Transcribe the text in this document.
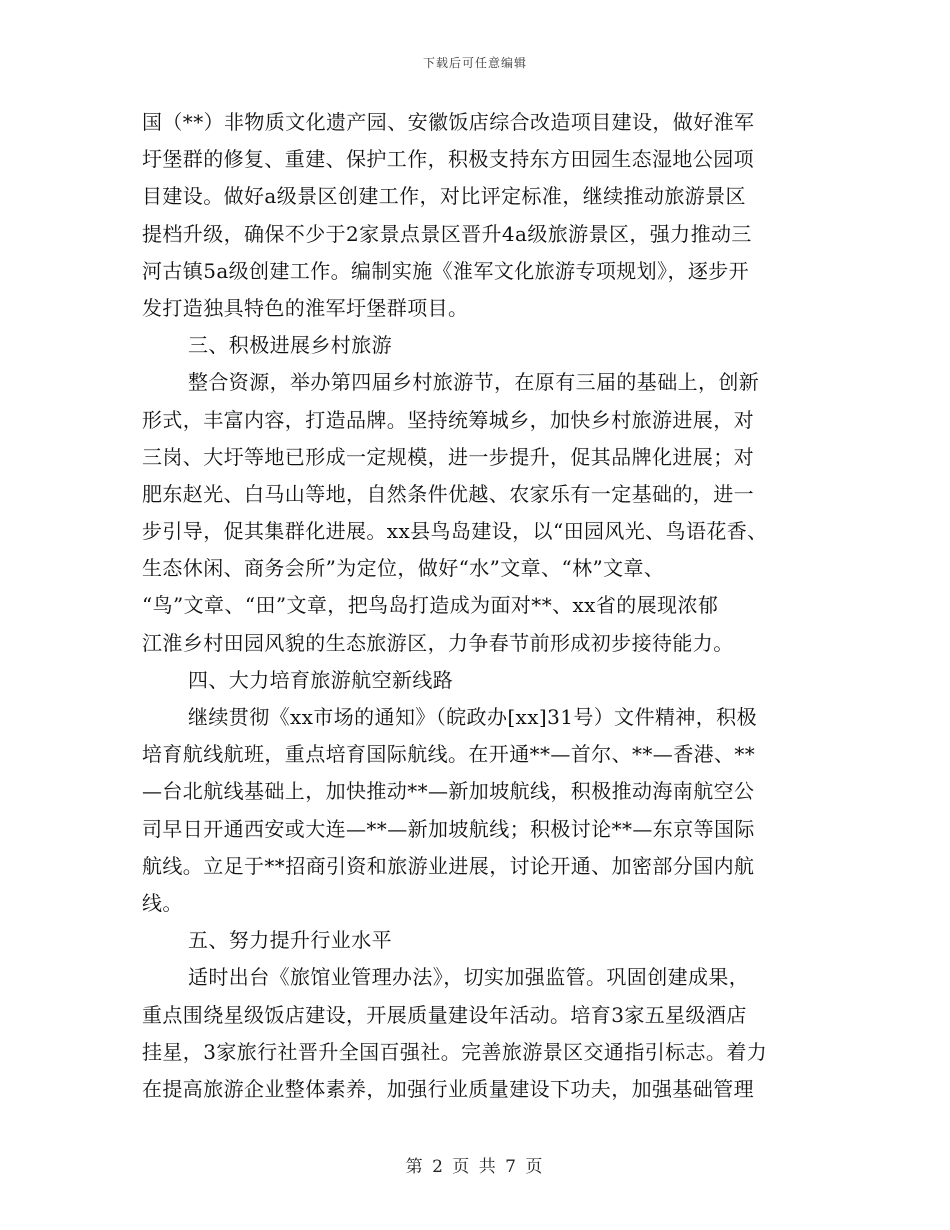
下载后可任意编辑
国（**）非物质文化遗产园、安徽饭店综合改造项目建设，做好淮军
圩堡群的修复、重建、保护工作，积极支持东方田园生态湿地公园项
目建设。做好a级景区创建工作，对比评定标准，继续推动旅游景区
提档升级，确保不少于2家景点景区晋升4a级旅游景区，强力推动三
河古镇5a级创建工作。编制实施《淮军文化旅游专项规划》，逐步开
发打造独具特色的淮军圩堡群项目。
三、积极进展乡村旅游
整合资源，举办第四届乡村旅游节，在原有三届的基础上，创新
形式，丰富内容，打造品牌。坚持统筹城乡，加快乡村旅游进展，对
三岗、大圩等地已形成一定规模，进一步提升，促其品牌化进展；对
肥东赵光、白马山等地，自然条件优越、农家乐有一定基础的，进一
步引导，促其集群化进展。xx县鸟岛建设，以“田园风光、鸟语花香、
生态休闲、商务会所”为定位，做好“水”文章、“林”文章、
“鸟”文章、“田”文章，把鸟岛打造成为面对**、xx省的展现浓郁
江淮乡村田园风貌的生态旅游区，力争春节前形成初步接待能力。
四、大力培育旅游航空新线路
继续贯彻《xx市场的通知》（皖政办[xx]31号）文件精神，积极
培育航线航班，重点培育国际航线。在开通**—首尔、**—香港、**
—台北航线基础上，加快推动**—新加坡航线，积极推动海南航空公
司早日开通西安或大连—**—新加坡航线；积极讨论**—东京等国际
航线。立足于**招商引资和旅游业进展，讨论开通、加密部分国内航
线。
五、努力提升行业水平
适时出台《旅馆业管理办法》，切实加强监管。巩固创建成果，
重点围绕星级饭店建设，开展质量建设年活动。培育3家五星级酒店
挂星，3家旅行社晋升全国百强社。完善旅游景区交通指引标志。着力
在提高旅游企业整体素养，加强行业质量建设下功夫，加强基础管理
第 2 页 共 7 页
